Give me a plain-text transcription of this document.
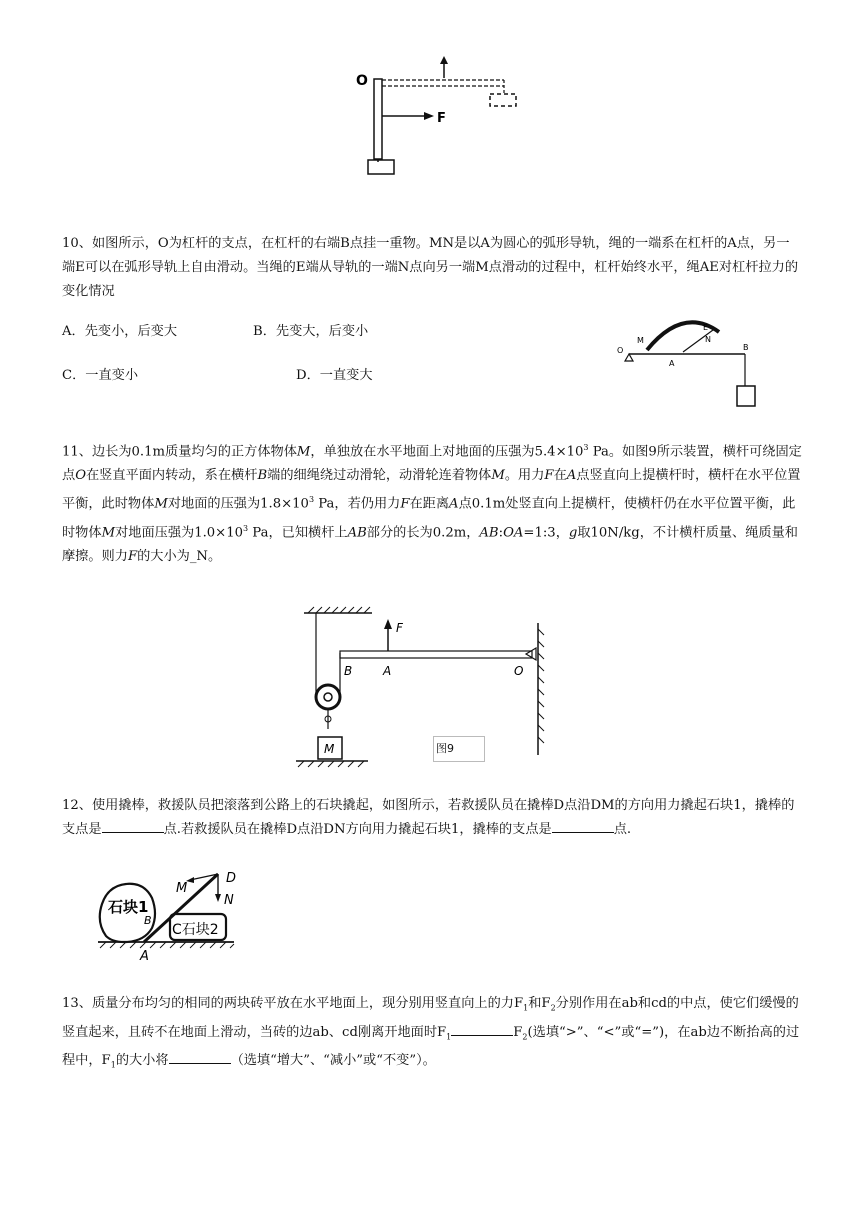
O
F
10、如图所示，O为杠杆的支点，在杠杆的右端B点挂一重物。MN是以A为圆心的弧形导轨，绳的一端系在杠杆的A点，另一端E可以在弧形导轨上自由滑动。当绳的E端从导轨的一端N点向另一端M点滑动的过程中，杠杆始终水平，绳AE对杠杆拉力的变化情况
A．先变小，后变大	B．先变大，后变小
C．一直变小	D．一直变大
O
M
E
N
A
B
11、边长为0.1m质量均匀的正方体物体M，单独放在水平地面上对地面的压强为$5.4\times 10^3$ Pa。如图9所示装置，横杆可绕固定点O在竖直平面内转动，系在横杆B端的细绳绕过动滑轮，动滑轮连着物体M。用力F在A点竖直向上提横杆时，横杆在水平位置平衡，此时物体M对地面的压强为$1.8\times 10^3$ Pa，若仍用力F在距离A点0.1m处竖直向上提横杆，使横杆仍在水平位置平衡，此时物体M对地面压强为$1.0\times 10^3$ Pa，已知横杆上AB部分的长为0.2m，AB:OA=1:3，g取10N/kg，不计横杆质量、绳质量和摩擦。则力F的大小为_N。
M
F
B	A	O
图9
12、使用撬棒，救援队员把滚落到公路上的石块撬起，如图所示，若救援队员在撬棒D点沿DM的方向用力撬起石块1，撬棒的支点是	点.若救援队员在撬棒D点沿DN方向用力撬起石块1，撬棒的支点是	点.
石块1
B
C石块2
M
D
N
A
13、质量分布均匀的相同的两块砖平放在水平地面上，现分别用竖直向上的力$F_1$和$F_2$分别作用在ab和cd的中点，使它们缓慢的竖直起来，且砖不在地面上滑动，当砖的边ab、cd刚离开地面时$F_1$	$F_2$(选填“>”、“<”或“=”)，在ab边不断抬高的过程中，$F_1$的大小将	（选填“增大”、“减小”或“不变”）。
